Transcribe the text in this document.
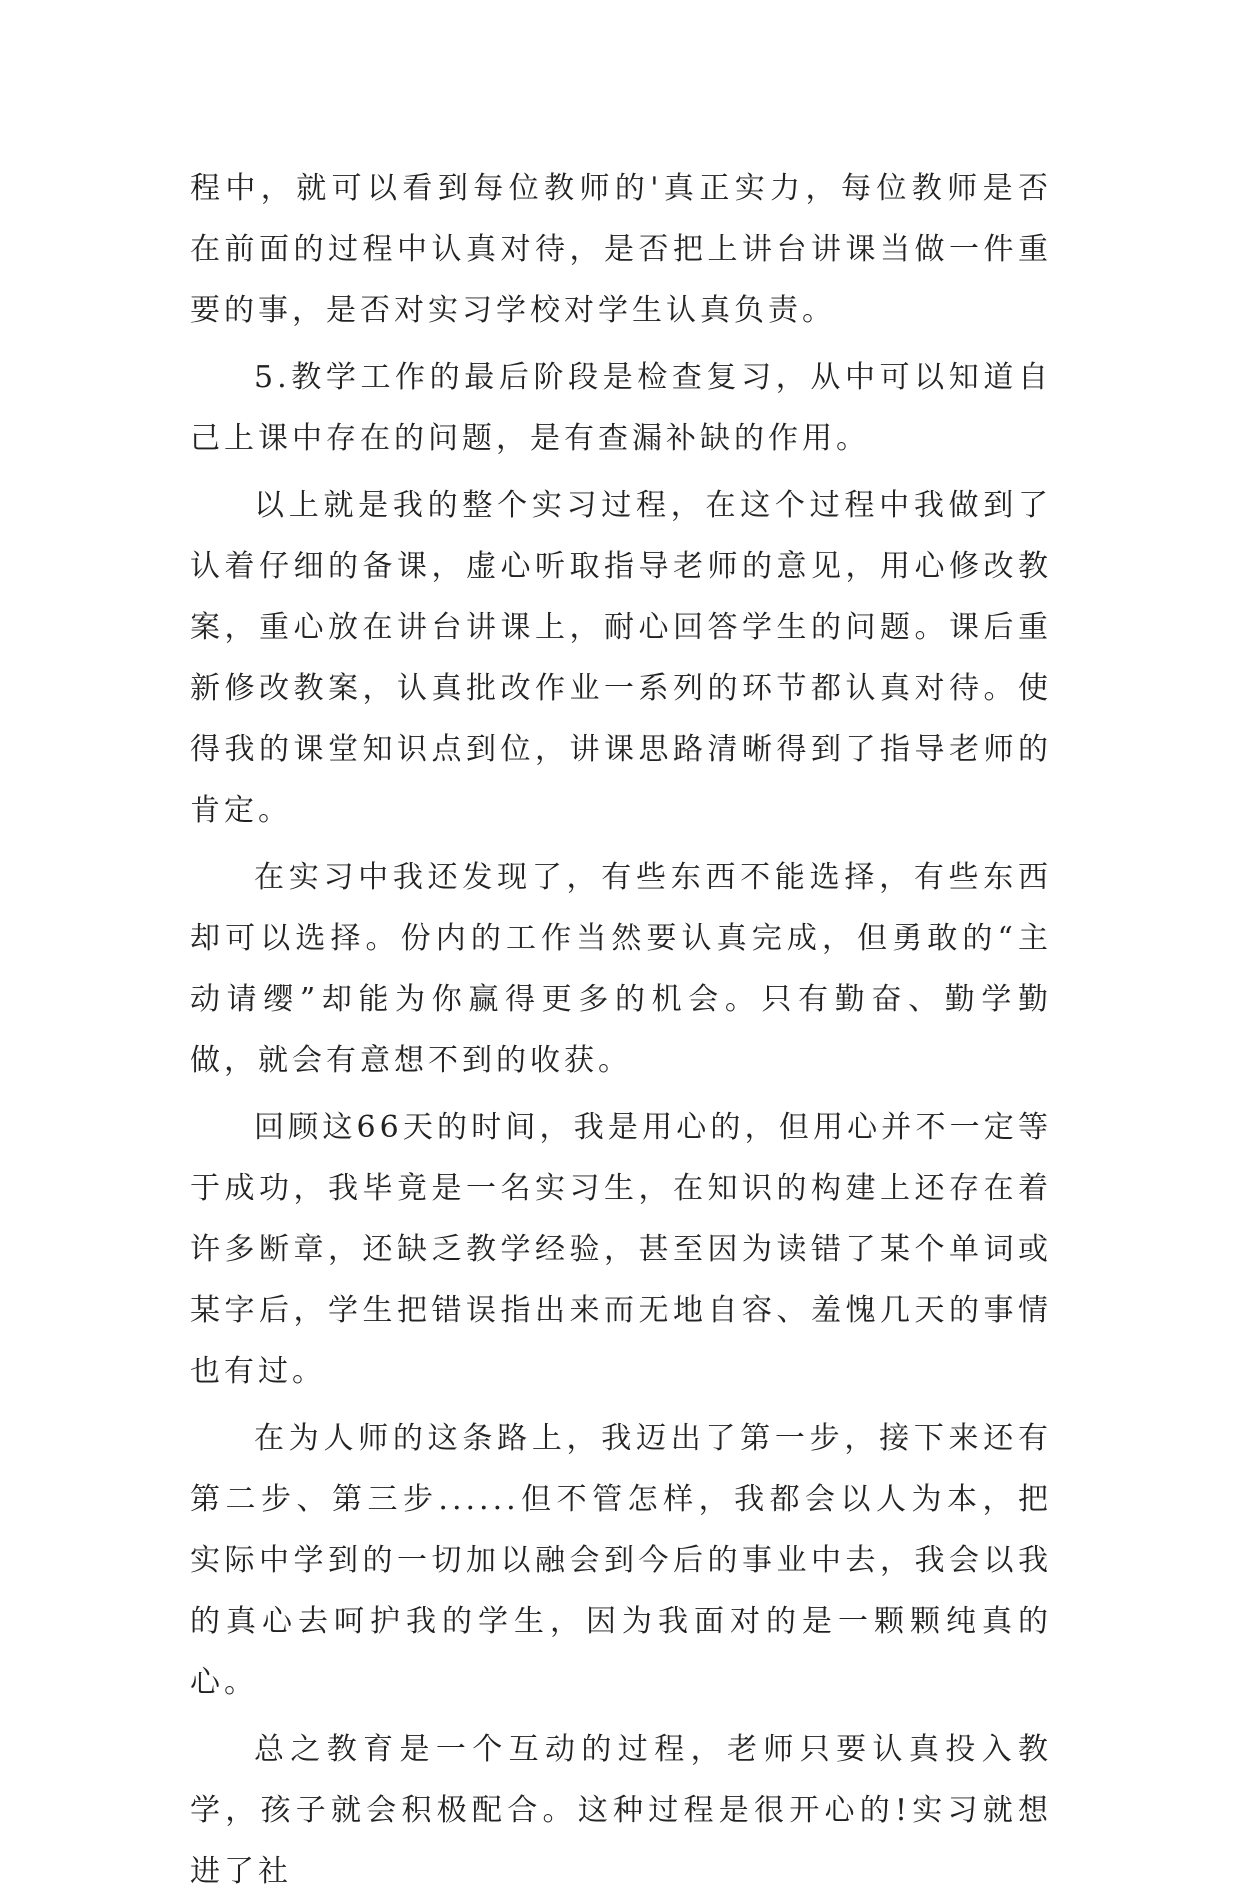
程中，就可以看到每位教师的'真正实力，每位教师是否在前面的过程中认真对待，是否把上讲台讲课当做一件重要的事，是否对实习学校对学生认真负责。

5.教学工作的最后阶段是检查复习，从中可以知道自己上课中存在的问题，是有查漏补缺的作用。

以上就是我的整个实习过程，在这个过程中我做到了认着仔细的备课，虚心听取指导老师的意见，用心修改教案，重心放在讲台讲课上，耐心回答学生的问题。课后重新修改教案，认真批改作业一系列的环节都认真对待。使得我的课堂知识点到位，讲课思路清晰得到了指导老师的肯定。

在实习中我还发现了，有些东西不能选择，有些东西却可以选择。份内的工作当然要认真完成，但勇敢的“主动请缨”却能为你赢得更多的机会。只有勤奋、勤学勤做，就会有意想不到的收获。

回顾这66天的时间，我是用心的，但用心并不一定等于成功，我毕竟是一名实习生，在知识的构建上还存在着许多断章，还缺乏教学经验，甚至因为读错了某个单词或某字后，学生把错误指出来而无地自容、羞愧几天的事情也有过。

在为人师的这条路上，我迈出了第一步，接下来还有第二步、第三步......但不管怎样，我都会以人为本，把实际中学到的一切加以融会到今后的事业中去，我会以我的真心去呵护我的学生，因为我面对的是一颗颗纯真的心。

总之教育是一个互动的过程，老师只要认真投入教学，孩子就会积极配合。这种过程是很开心的!实习就想进了社
